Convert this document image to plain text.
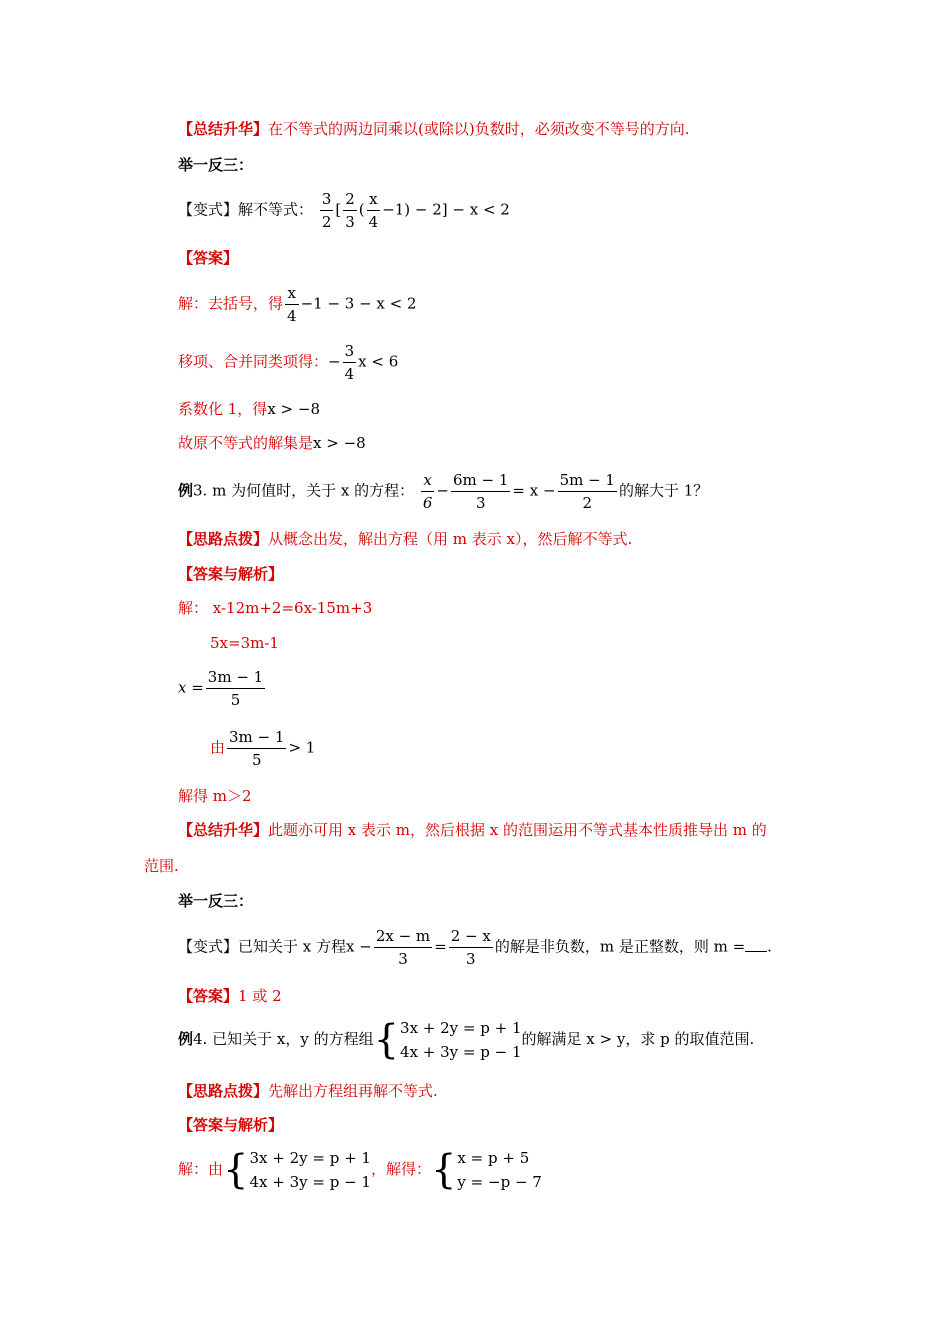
【总结升华】在不等式的两边同乘以(或除以)负数时，必须改变不等号的方向.
举一反三：
【变式】解不等式： $\frac{3}{2}$ [ $\frac{2}{3}$ ( $\frac{x}{4} -1) - 2] - x < 2$
【答案】
解：去括号，得 $\frac{x}{4} -1 - 3 - x < 2$
移项、合并同类项得：− $\frac{3}{4}$ x < 6
系数化 1，得x > −8
故原不等式的解集是x > −8
例3. m 为何值时，关于 x 的方程： $\frac{x}{6} - \frac{6m - 1}{3} = x - \frac{5m - 1}{2}$ 的解大于 1？
【思路点拨】从概念出发，解出方程（用 m 表示 x），然后解不等式.
【答案与解析】
解： x-12m+2=6x-15m+3
5x=3m-1
$x = \frac{3m - 1}{5}$
由 $\frac{3m - 1}{5} > 1$
解得 m＞2
【总结升华】此题亦可用 x 表示 m，然后根据 x 的范围运用不等式基本性质推导出 m 的
范围.
举一反三：
【变式】已知关于 x 方程$x - \frac{2x - m}{3} = \frac{2 - x}{3}$ 的解是非负数，m 是正整数，则 m = .
【答案】1 或 2
例4. 已知关于 x，y 的方程组{ 3x + 2y = p + 1
4x + 3y = p − 1
的解满足 x > y，求 p 的取值范围.
【思路点拨】先解出方程组再解不等式.
【答案与解析】
解：由{ 3x + 2y = p + 1
4x + 3y = p − 1
，解得：{ x = p + 5
y = −p − 7
